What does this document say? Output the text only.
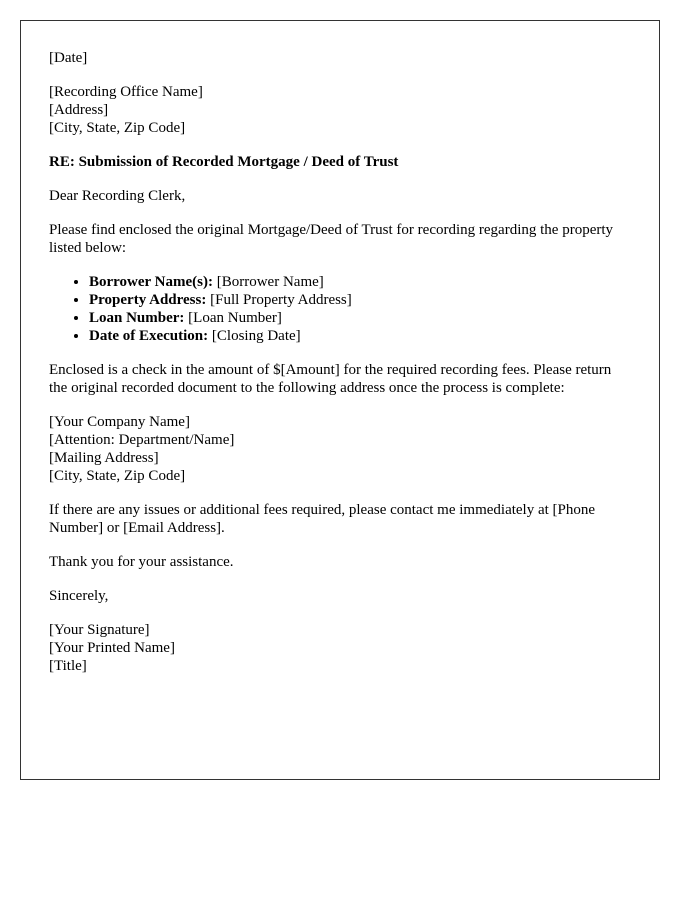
[Date]
[Recording Office Name]
[Address]
[City, State, Zip Code]
RE: Submission of Recorded Mortgage / Deed of Trust
Dear Recording Clerk,
Please find enclosed the original Mortgage/Deed of Trust for recording regarding the property listed below:
• Borrower Name(s): [Borrower Name]
• Property Address: [Full Property Address]
• Loan Number: [Loan Number]
• Date of Execution: [Closing Date]
Enclosed is a check in the amount of $[Amount] for the required recording fees. Please return the original recorded document to the following address once the process is complete:
[Your Company Name]
[Attention: Department/Name]
[Mailing Address]
[City, State, Zip Code]
If there are any issues or additional fees required, please contact me immediately at [Phone Number] or [Email Address].
Thank you for your assistance.
Sincerely,
[Your Signature]
[Your Printed Name]
[Title]
